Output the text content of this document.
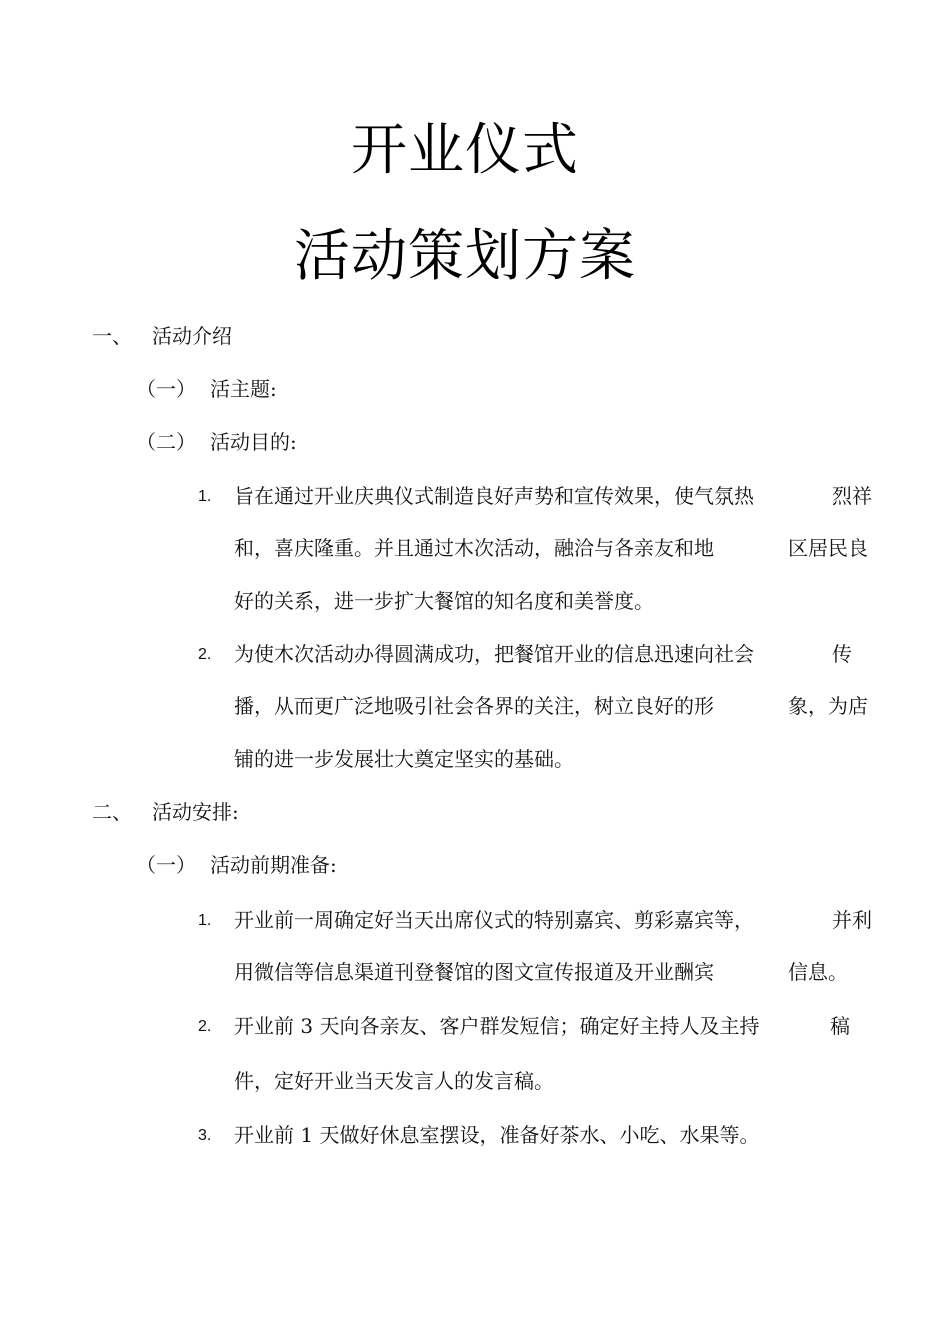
开业仪式
活动策划方案
一、 活动介绍
（一） 活主题:
（二） 活动目的:
1. 旨在通过开业庆典仪式制造良好声势和宣传效果，使气氛热	烈祥
和，喜庆隆重。并且通过木次活动，融洽与各亲友和地	区居民良
好的关系，进一步扩大餐馆的知名度和美誉度。
2. 为使木次活动办得圆满成功，把餐馆开业的信息迅速向社会	传
播，从而更广泛地吸引社会各界的关注，树立良好的形	象，为店
铺的进一步发展壮大奠定坚实的基础。
二、 活动安排:
（一） 活动前期准备:
1. 开业前一周确定好当天出席仪式的特别嘉宾、剪彩嘉宾等，	并利
用微信等信息渠道刊登餐馆的图文宣传报道及开业酬宾	信息。
2. 开业前 3 天向各亲友、客户群发短信；确定好主持人及主持	稿
件，定好开业当天发言人的发言稿。
3. 开业前 1 天做好休息室摆设，准备好茶水、小吃、水果等。
